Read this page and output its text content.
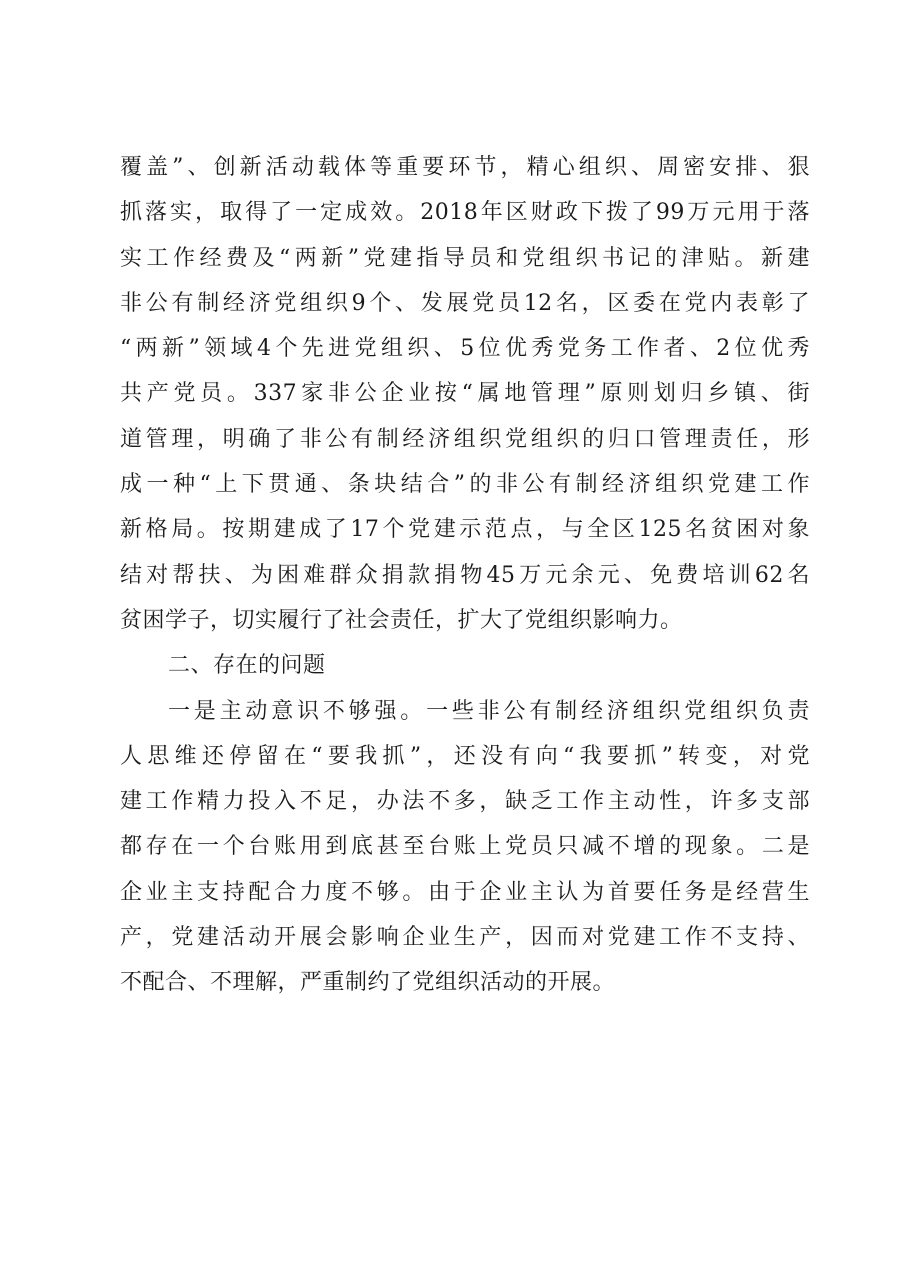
覆盖”、创新活动载体等重要环节，精心组织、周密安排、狠
抓落实，取得了一定成效。2018年区财政下拨了99万元用于落
实工作经费及“两新”党建指导员和党组织书记的津贴。新建
非公有制经济党组织9个、发展党员12名，区委在党内表彰了
“两新”领域4个先进党组织、5位优秀党务工作者、2位优秀
共产党员。337家非公企业按“属地管理”原则划归乡镇、街
道管理，明确了非公有制经济组织党组织的归口管理责任，形
成一种“上下贯通、条块结合”的非公有制经济组织党建工作
新格局。按期建成了17个党建示范点，与全区125名贫困对象
结对帮扶、为困难群众捐款捐物45万元余元、免费培训62名
贫困学子，切实履行了社会责任，扩大了党组织影响力。
二、存在的问题
一是主动意识不够强。一些非公有制经济组织党组织负责
人思维还停留在“要我抓”，还没有向“我要抓”转变，对党
建工作精力投入不足，办法不多，缺乏工作主动性，许多支部
都存在一个台账用到底甚至台账上党员只减不增的现象。二是
企业主支持配合力度不够。由于企业主认为首要任务是经营生
产，党建活动开展会影响企业生产，因而对党建工作不支持、
不配合、不理解，严重制约了党组织活动的开展。
